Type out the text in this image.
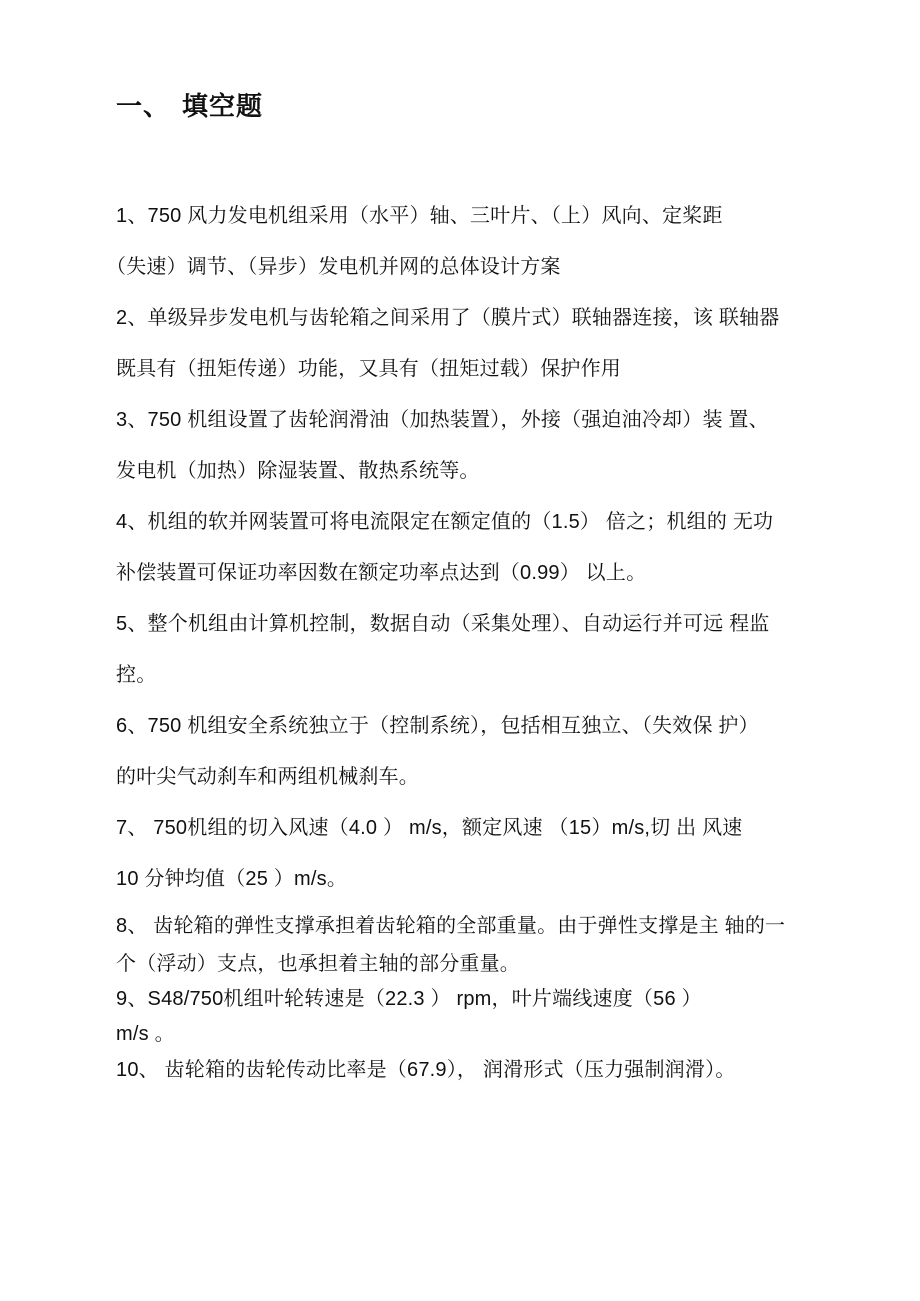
一、 填空题
1、750 风力发电机组采用（水平）轴、三叶片、（上）风向、定桨距
（失速）调节、（异步）发电机并网的总体设计方案
2、单级异步发电机与齿轮箱之间采用了（膜片式）联轴器连接，该 联轴器
既具有（扭矩传递）功能，又具有（扭矩过载）保护作用
3、750 机组设置了齿轮润滑油（加热装置），外接（强迫油冷却）装 置、
发电机（加热）除湿装置、散热系统等。
4、机组的软并网装置可将电流限定在额定值的（1.5） 倍之；机组的 无功
补偿装置可保证功率因数在额定功率点达到（0.99） 以上。
5、整个机组由计算机控制，数据自动（采集处理）、自动运行并可远 程监
控。
6、750 机组安全系统独立于（控制系统），包括相互独立、（失效保 护）
的叶尖气动刹车和两组机械刹车。
7、 750机组的切入风速（4.0 ） m/s，额定风速 （15）m/s,切 出 风速
10 分钟均值（25 ）m/s。
8、 齿轮箱的弹性支撑承担着齿轮箱的全部重量。由于弹性支撑是主 轴的一
个（浮动）支点，也承担着主轴的部分重量。
9、S48/750机组叶轮转速是（22.3 ） rpm，叶片端线速度（56 ）
m/s 。
10、 齿轮箱的齿轮传动比率是（67.9）， 润滑形式（压力强制润滑）。
